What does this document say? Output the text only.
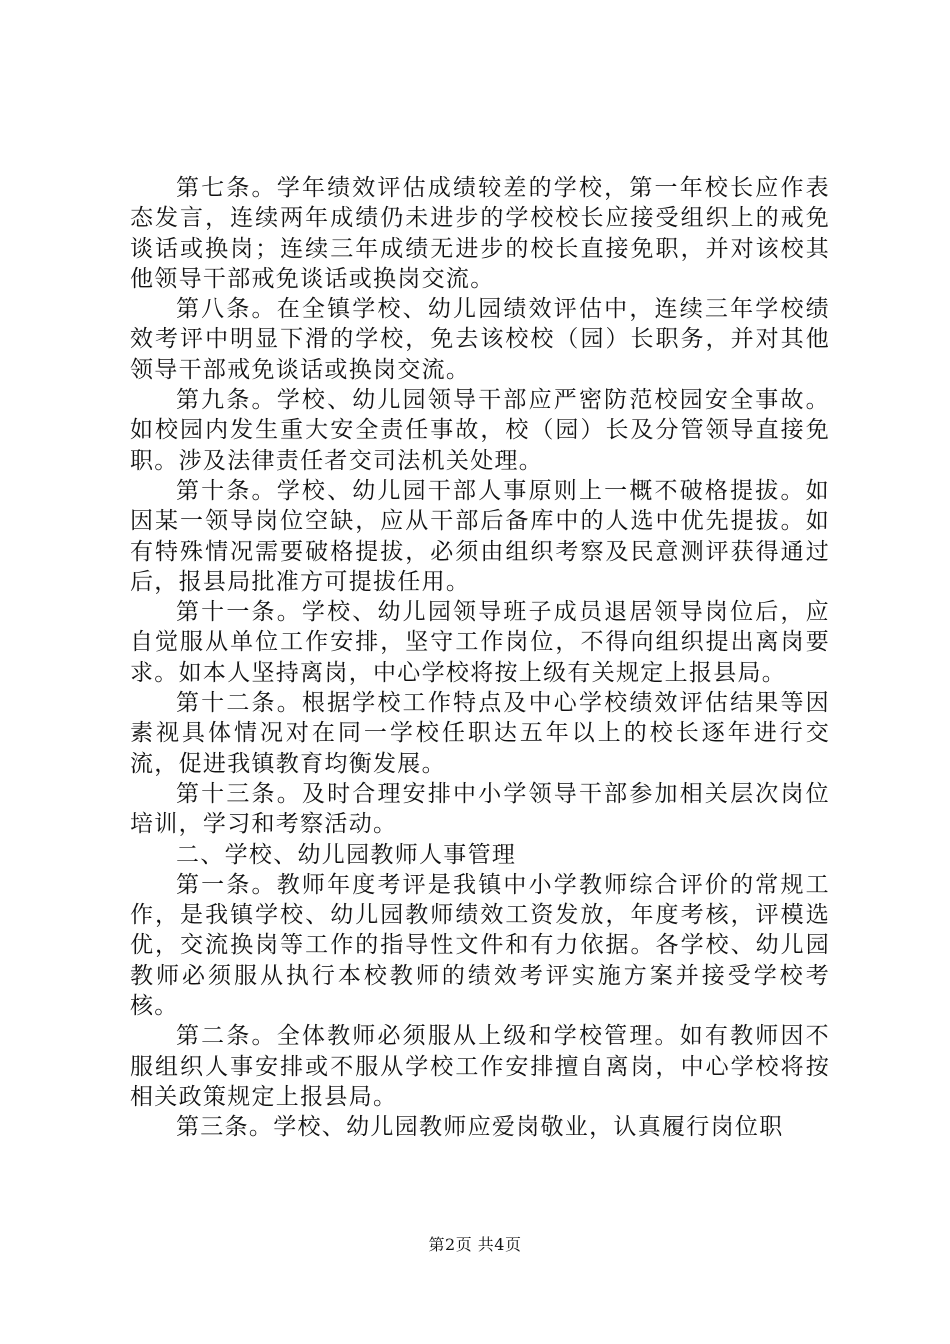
第七条。学年绩效评估成绩较差的学校，第一年校长应作表态发言，连续两年成绩仍未进步的学校校长应接受组织上的戒免谈话或换岗；连续三年成绩无进步的校长直接免职，并对该校其他领导干部戒免谈话或换岗交流。

第八条。在全镇学校、幼儿园绩效评估中，连续三年学校绩效考评中明显下滑的学校，免去该校校（园）长职务，并对其他领导干部戒免谈话或换岗交流。

第九条。学校、幼儿园领导干部应严密防范校园安全事故。如校园内发生重大安全责任事故，校（园）长及分管领导直接免职。涉及法律责任者交司法机关处理。

第十条。学校、幼儿园干部人事原则上一概不破格提拔。如因某一领导岗位空缺，应从干部后备库中的人选中优先提拔。如有特殊情况需要破格提拔，必须由组织考察及民意测评获得通过后，报县局批准方可提拔任用。

第十一条。学校、幼儿园领导班子成员退居领导岗位后，应自觉服从单位工作安排，坚守工作岗位，不得向组织提出离岗要求。如本人坚持离岗，中心学校将按上级有关规定上报县局。

第十二条。根据学校工作特点及中心学校绩效评估结果等因素视具体情况对在同一学校任职达五年以上的校长逐年进行交流，促进我镇教育均衡发展。

第十三条。及时合理安排中小学领导干部参加相关层次岗位培训，学习和考察活动。

二、学校、幼儿园教师人事管理

第一条。教师年度考评是我镇中小学教师综合评价的常规工作，是我镇学校、幼儿园教师绩效工资发放，年度考核，评模选优，交流换岗等工作的指导性文件和有力依据。各学校、幼儿园教师必须服从执行本校教师的绩效考评实施方案并接受学校考核。

第二条。全体教师必须服从上级和学校管理。如有教师因不服组织人事安排或不服从学校工作安排擅自离岗，中心学校将按相关政策规定上报县局。

第三条。学校、幼儿园教师应爱岗敬业，认真履行岗位职

第2页 共4页
